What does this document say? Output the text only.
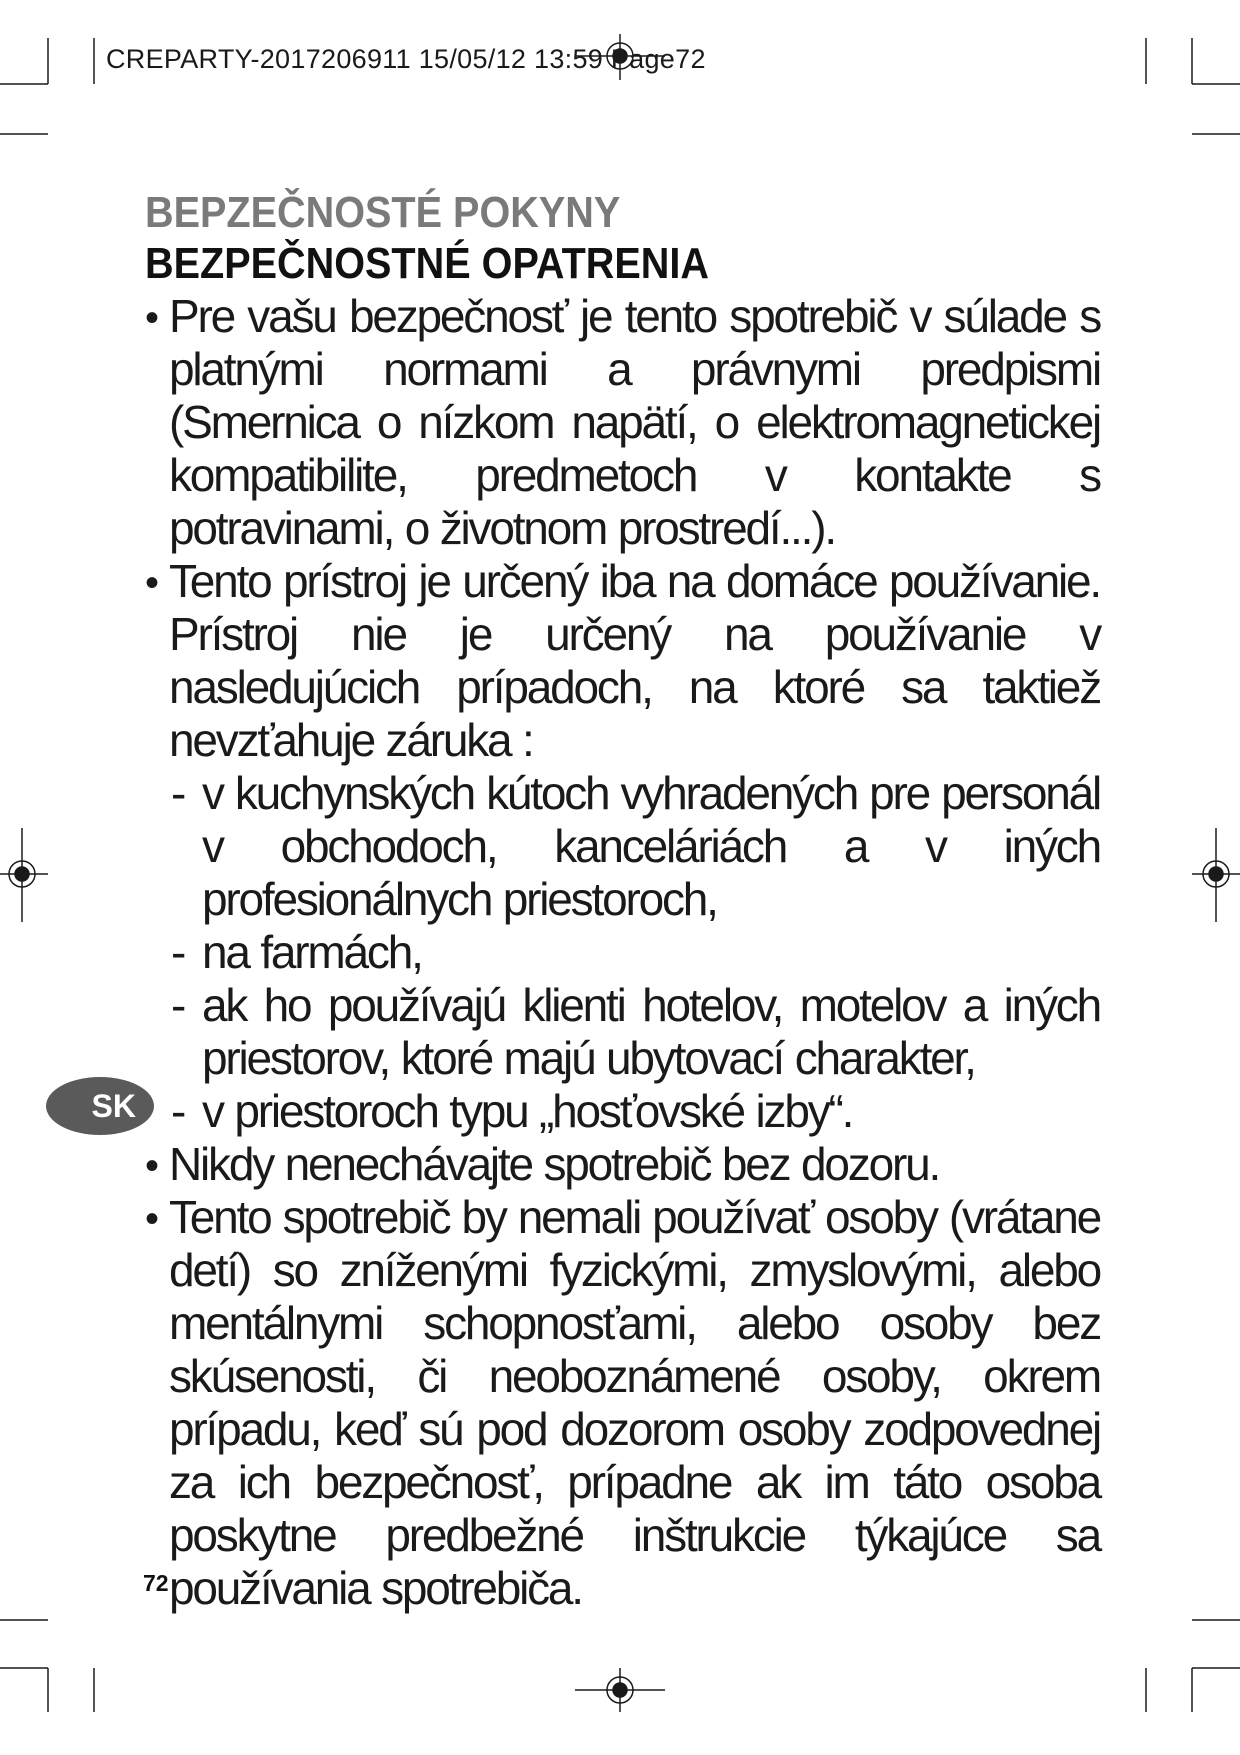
CREPARTY-2017206911 15/05/12 13:59 Page72
BEPZEČNOSTÉ POKYNY
BEZPEČNOSTNÉ OPATRENIA
• Pre vašu bezpečnosť je tento spotrebič v súlade s platnými normami a právnymi predpismi (Smernica o nízkom napätí, o elektromagnetickej kompatibilite, predmetoch v kontakte s potravinami, o životnom prostredí...).
• Tento prístroj je určený iba na domáce používanie. Prístroj nie je určený na používanie v nasledujúcich prípadoch, na ktoré sa taktiež nevzťahuje záruka :
- v kuchynských kútoch vyhradených pre personál v obchodoch, kanceláriách a v iných profesionálnych priestoroch,
- na farmách,
- ak ho používajú klienti hotelov, motelov a iných priestorov, ktoré majú ubytovací charakter,
- v priestoroch typu „hosťovské izby“.
• Nikdy nenechávajte spotrebič bez dozoru.
• Tento spotrebič by nemali používať osoby (vrátane detí) so zníženými fyzickými, zmyslovými, alebo mentálnymi schopnosťami, alebo osoby bez skúsenosti, či neoboznámené osoby, okrem prípadu, keď sú pod dozorom osoby zodpovednej za ich bezpečnosť, prípadne ak im táto osoba poskytne predbežné inštrukcie týkajúce sa používania spotrebiča.
SK
72
